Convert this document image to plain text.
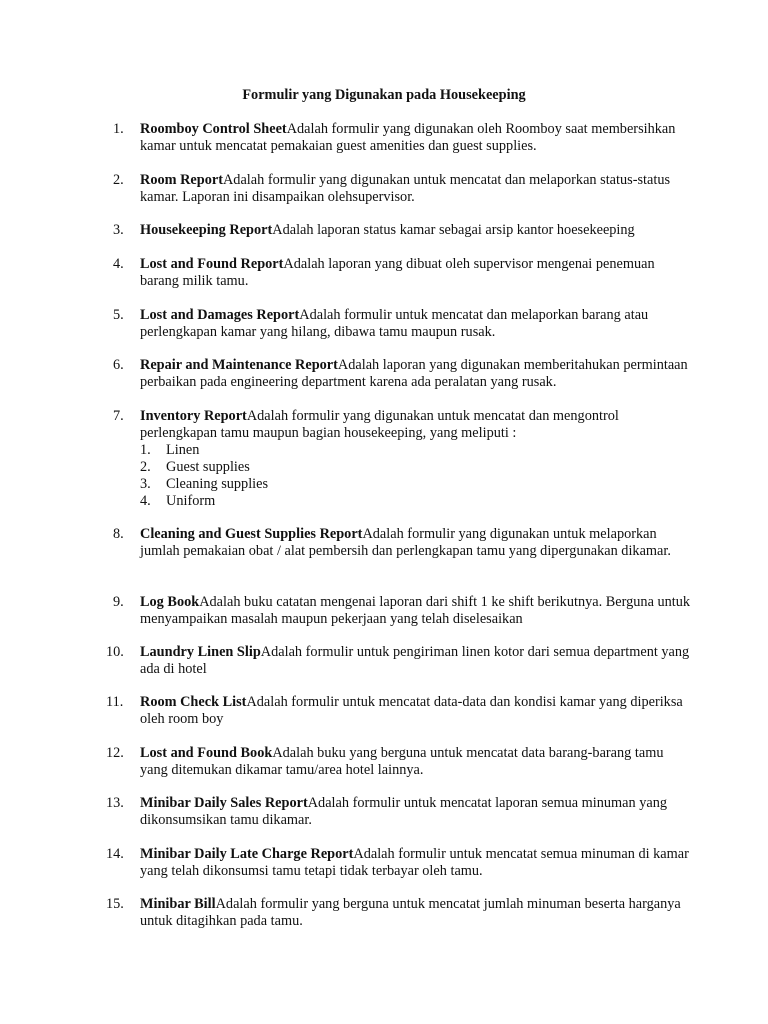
Formulir yang Digunakan pada Housekeeping
1. Roomboy Control SheetAdalah formulir yang digunakan oleh Roomboy saat membersihkan kamar untuk mencatat pemakaian guest amenities dan guest supplies.
2. Room ReportAdalah formulir yang digunakan untuk mencatat dan melaporkan status-status kamar. Laporan ini disampaikan olehsupervisor.
3. Housekeeping ReportAdalah laporan status kamar sebagai arsip kantor hoesekeeping
4. Lost and Found ReportAdalah laporan yang dibuat oleh supervisor mengenai penemuan barang milik tamu.
5. Lost and Damages ReportAdalah formulir untuk mencatat dan melaporkan barang atau perlengkapan kamar yang hilang, dibawa tamu maupun rusak.
6. Repair and Maintenance ReportAdalah laporan yang digunakan memberitahukan permintaan perbaikan pada engineering department karena ada peralatan yang rusak.
7. Inventory ReportAdalah formulir yang digunakan untuk mencatat dan mengontrol perlengkapan tamu maupun bagian housekeeping, yang meliputi :
1. Linen
2. Guest supplies
3. Cleaning supplies
4. Uniform
8. Cleaning and Guest Supplies ReportAdalah formulir yang digunakan untuk melaporkan jumlah pemakaian obat / alat pembersih dan perlengkapan tamu yang dipergunakan dikamar.
9. Log BookAdalah buku catatan mengenai laporan dari shift 1 ke shift berikutnya. Berguna untuk menyampaikan masalah maupun pekerjaan yang telah diselesaikan
10. Laundry Linen SlipAdalah formulir untuk pengiriman linen kotor dari semua department yang ada di hotel
11. Room Check ListAdalah formulir untuk mencatat data-data dan kondisi kamar yang diperiksa oleh room boy
12. Lost and Found BookAdalah buku yang berguna untuk mencatat data barang-barang tamu yang ditemukan dikamar tamu/area hotel lainnya.
13. Minibar Daily Sales ReportAdalah formulir untuk mencatat laporan semua minuman yang dikonsumsikan tamu dikamar.
14. Minibar Daily Late Charge ReportAdalah formulir untuk mencatat semua minuman di kamar yang telah dikonsumsi tamu tetapi tidak terbayar oleh tamu.
15. Minibar BillAdalah formulir yang berguna untuk mencatat jumlah minuman beserta harganya untuk ditagihkan pada tamu.
